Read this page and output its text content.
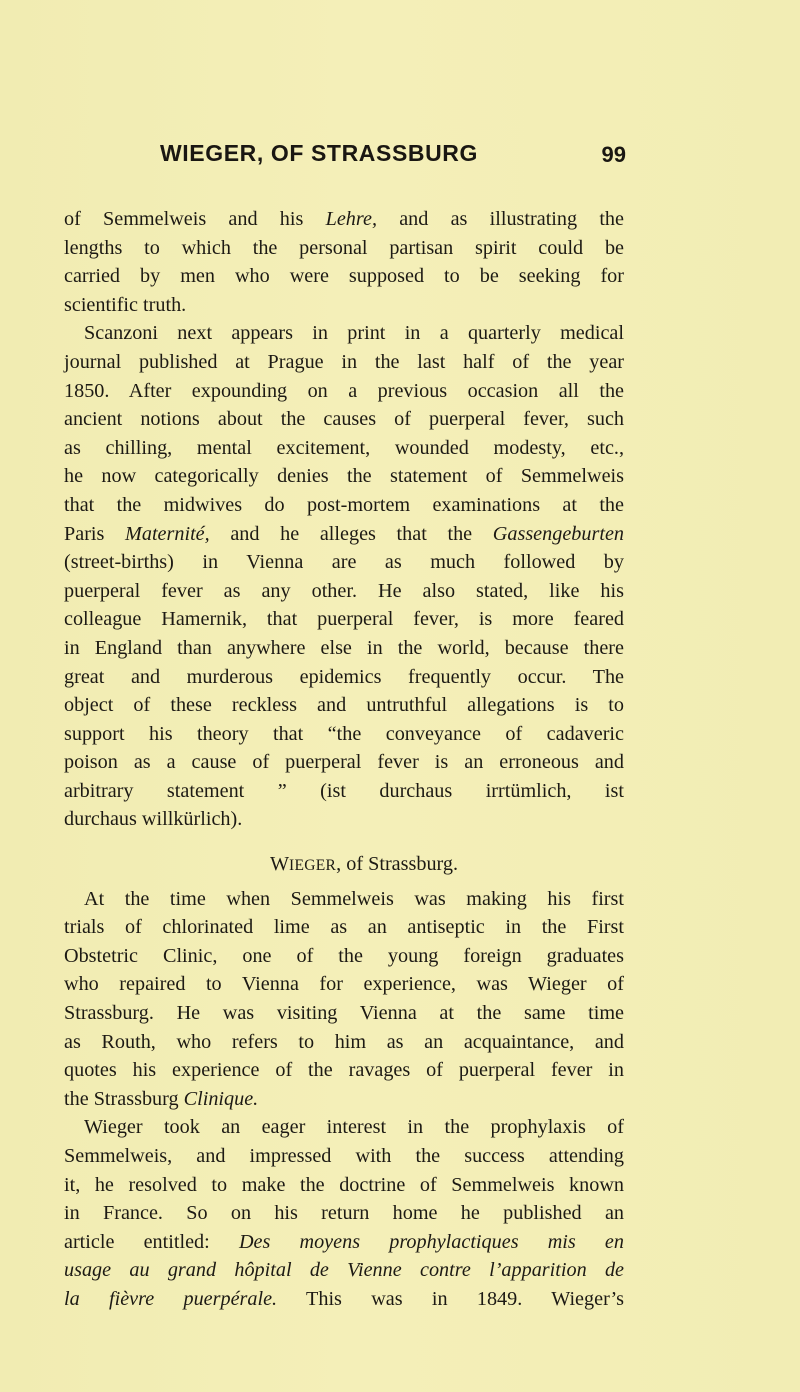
WIEGER, OF STRASSBURG	99
of Semmelweis and his Lehre, and as illustrating the
lengths to which the personal partisan spirit could be
carried by men who were supposed to be seeking for
scientific truth.
Scanzoni next appears in print in a quarterly medical
journal published at Prague in the last half of the year
1850. After expounding on a previous occasion all the
ancient notions about the causes of puerperal fever, such
as chilling, mental excitement, wounded modesty, etc.,
he now categorically denies the statement of Semmelweis
that the midwives do post-mortem examinations at the
Paris Maternité, and he alleges that the Gassengeburten
(street-births) in Vienna are as much followed by
puerperal fever as any other. He also stated, like his
colleague Hamernik, that puerperal fever, is more feared
in England than anywhere else in the world, because there
great and murderous epidemics frequently occur. The
object of these reckless and untruthful allegations is to
support his theory that “the conveyance of cadaveric
poison as a cause of puerperal fever is an erroneous and
arbitrary statement ” (ist durchaus irrtümlich, ist
durchaus willkürlich).
WIEGER, of Strassburg.
At the time when Semmelweis was making his first
trials of chlorinated lime as an antiseptic in the First
Obstetric Clinic, one of the young foreign graduates
who repaired to Vienna for experience, was Wieger of
Strassburg. He was visiting Vienna at the same time
as Routh, who refers to him as an acquaintance, and
quotes his experience of the ravages of puerperal fever in
the Strassburg Clinique.
Wieger took an eager interest in the prophylaxis of
Semmelweis, and impressed with the success attending
it, he resolved to make the doctrine of Semmelweis known
in France. So on his return home he published an
article entitled: Des moyens prophylactiques mis en
usage au grand hôpital de Vienne contre l’apparition de
la fièvre puerpérale. This was in 1849. Wieger’s
